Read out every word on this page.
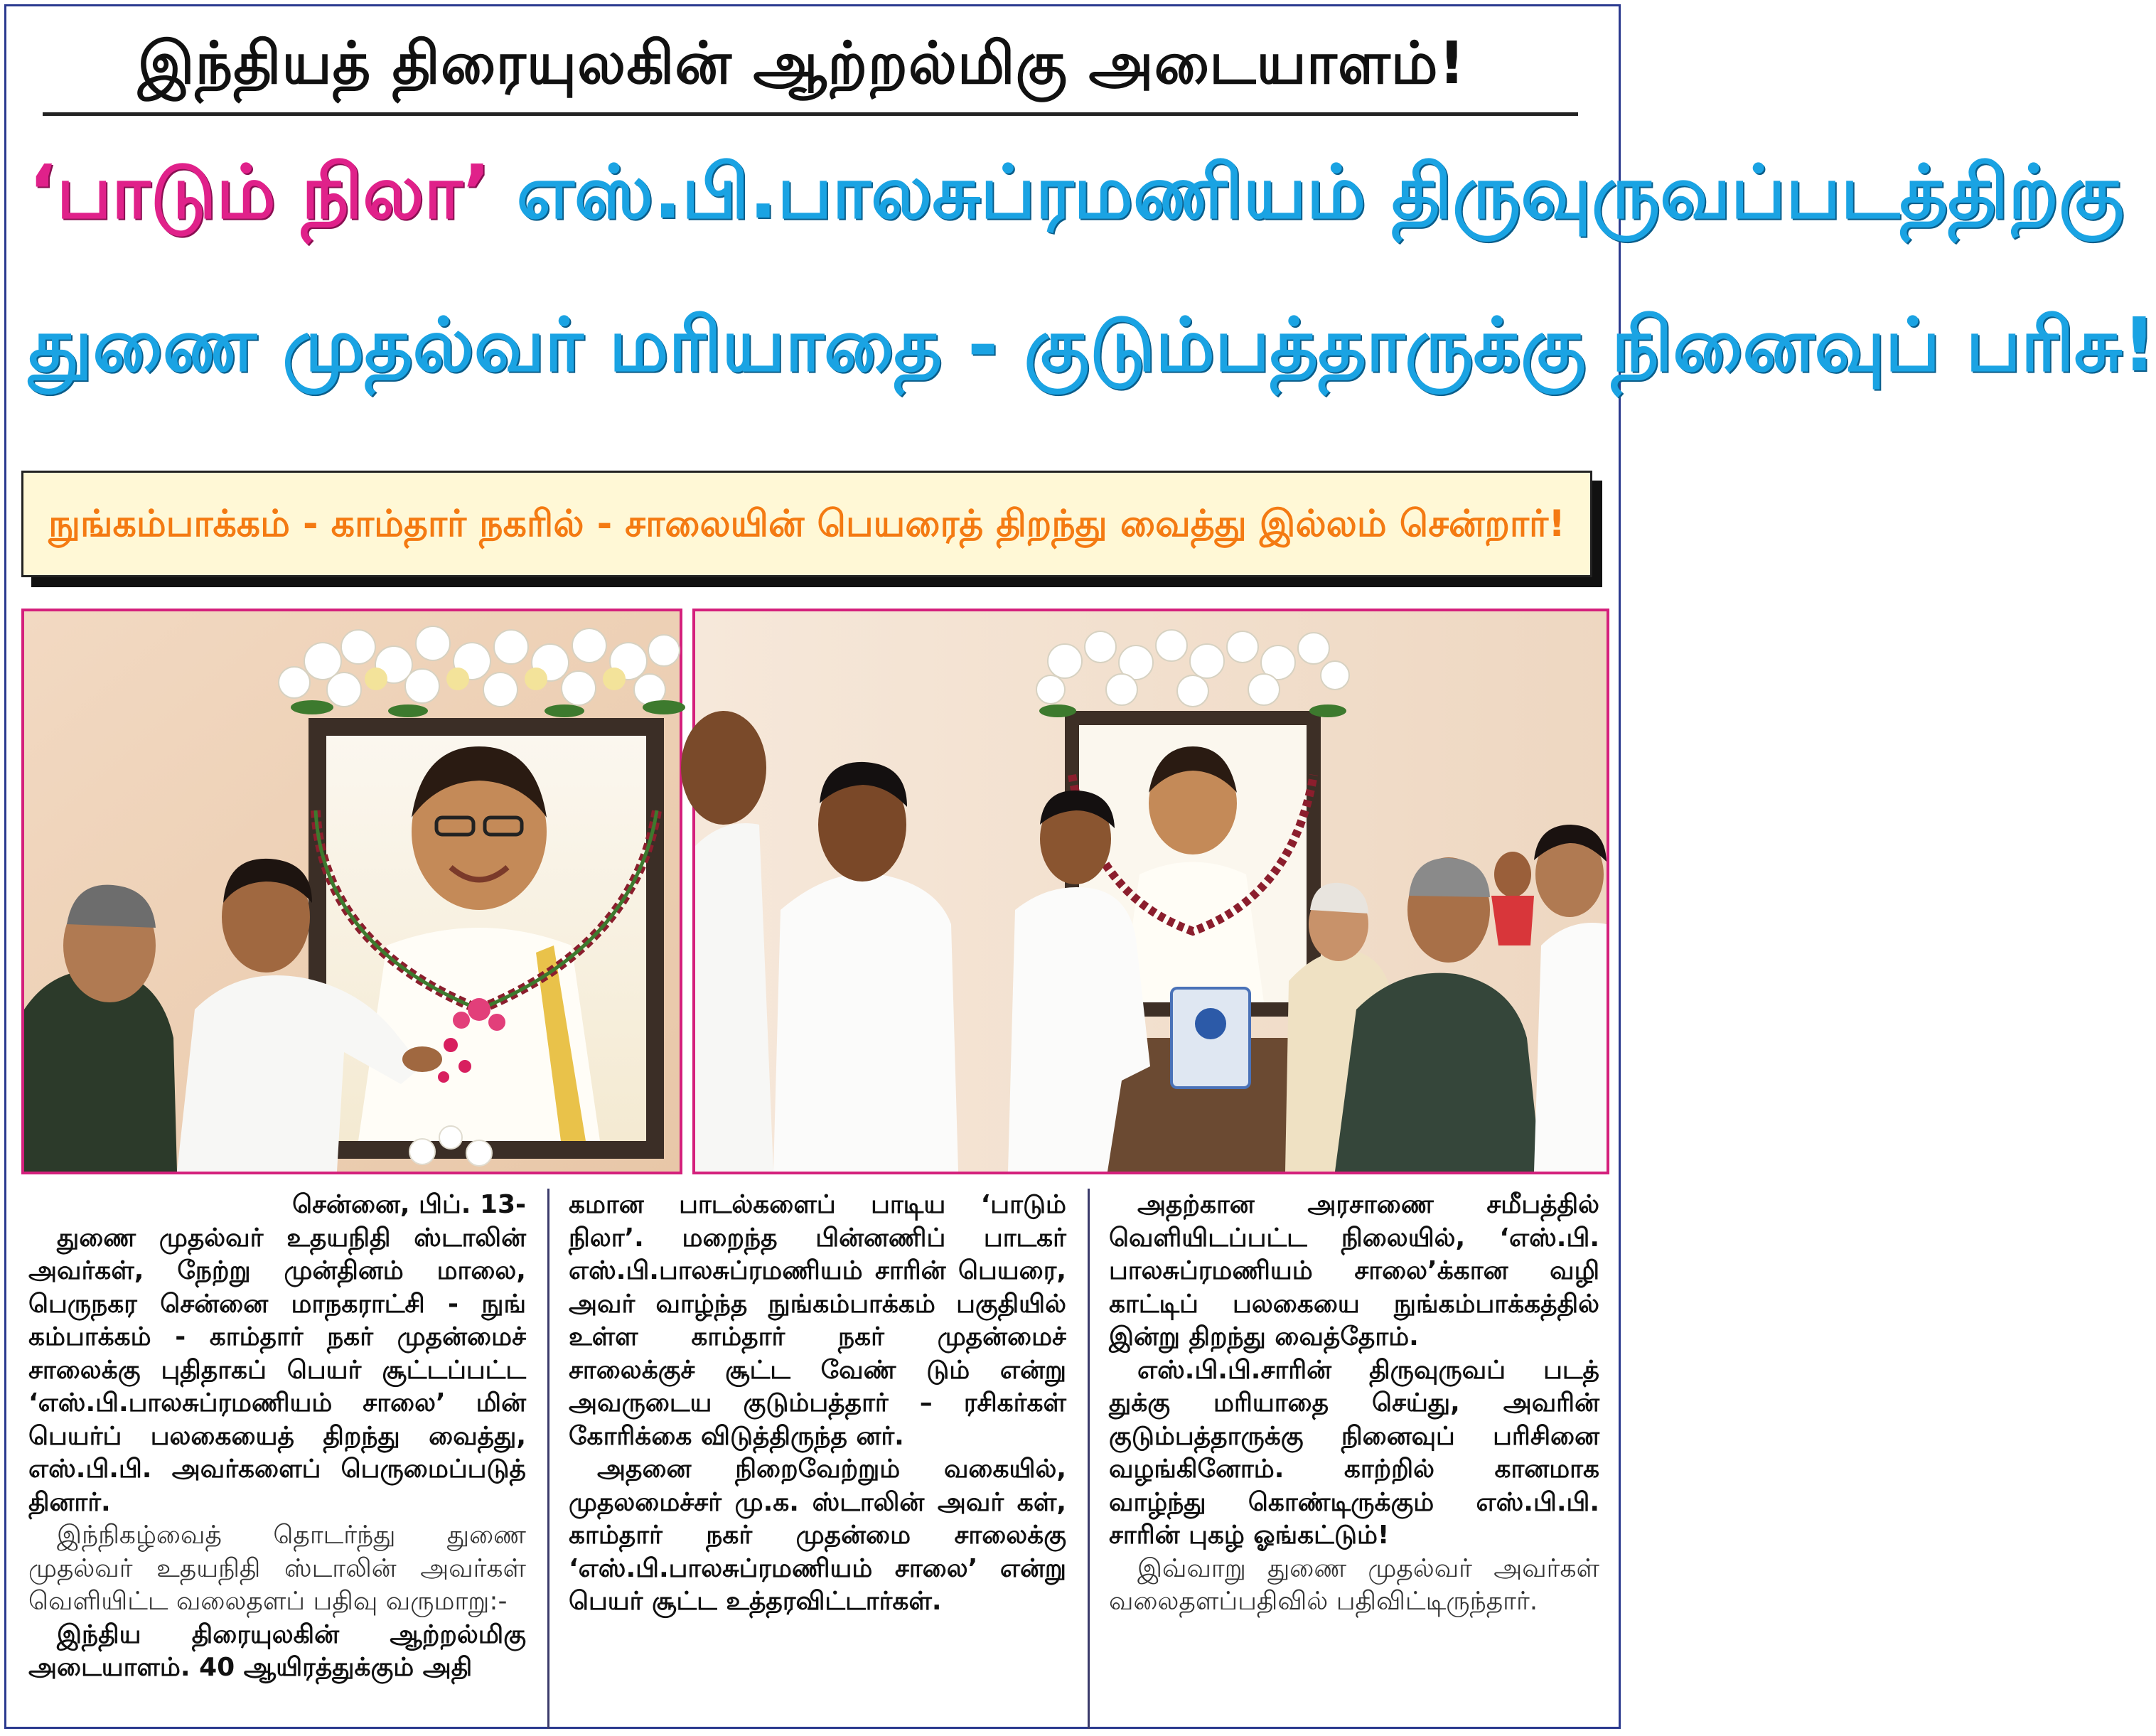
இந்தியத் திரையுலகின் ஆற்றல்மிகு அடையாளம்!
‘பாடும் நிலா’ எஸ்.பி.பாலசுப்ரமணியம் திருவுருவப்படத்திற்கு
துணை முதல்வர் மரியாதை - குடும்பத்தாருக்கு நினைவுப் பரிசு!
நுங்கம்பாக்கம் - காம்தார் நகரில் - சாலையின் பெயரைத் திறந்து வைத்து இல்லம் சென்றார்!

சென்னை, பிப். 13-

துணை முதல்வர் உதயநிதி ஸ்டாலின் அவர்கள், நேற்று முன்தினம் மாலை, பெருநகர சென்னை மாநகராட்சி - நுங் கம்பாக்கம் - காம்தார் நகர் முதன்மைச் சாலைக்கு புதிதாகப் பெயர் சூட்டப்பட்ட ‘எஸ்.பி.பாலசுப்ரமணியம் சாலை’ மின் பெயர்ப் பலகையைத் திறந்து வைத்து, எஸ்.பி.பி. அவர்களைப் பெருமைப்படுத் தினார்.

இந்நிகழ்வைத் தொடர்ந்து துணை முதல்வர் உதயநிதி ஸ்டாலின் அவர்கள் வெளியிட்ட வலைதளப் பதிவு வருமாறு:-

இந்திய திரையுலகின் ஆற்றல்மிகு அடையாளம். 40 ஆயிரத்துக்கும் அதி

கமான பாடல்களைப் பாடிய ‘பாடும் நிலா’. மறைந்த பின்னணிப் பாடகர் எஸ்.பி.பாலசுப்ரமணியம் சாரின் பெயரை, அவர் வாழ்ந்த நுங்கம்பாக்கம் பகுதியில் உள்ள காம்தார் நகர் முதன்மைச் சாலைக்குச் சூட்ட வேண் டும் என்று அவருடைய குடும்பத்தார் – ரசிகர்கள் கோரிக்கை விடுத்திருந்த னர்.

அதனை நிறைவேற்றும் வகையில், முதலமைச்சர் மு.க. ஸ்டாலின் அவர் கள், காம்தார் நகர் முதன்மை சாலைக்கு ‘எஸ்.பி.பாலசுப்ரமணியம் சாலை’ என்று பெயர் சூட்ட உத்தரவிட்டார்கள்.

அதற்கான அரசாணை சமீபத்தில் வெளியிடப்பட்ட நிலையில், ‘எஸ்.பி. பாலசுப்ரமணியம் சாலை’க்கான வழி காட்டிப் பலகையை நுங்கம்பாக்கத்தில் இன்று திறந்து வைத்தோம்.

எஸ்.பி.பி.சாரின் திருவுருவப் படத் துக்கு மரியாதை செய்து, அவரின் குடும்பத்தாருக்கு நினைவுப் பரிசினை வழங்கினோம். காற்றில் கானமாக வாழ்ந்து கொண்டிருக்கும் எஸ்.பி.பி. சாரின் புகழ் ஓங்கட்டும்!

இவ்வாறு துணை முதல்வர் அவர்கள் வலைதளப்பதிவில் பதிவிட்டிருந்தார்.
